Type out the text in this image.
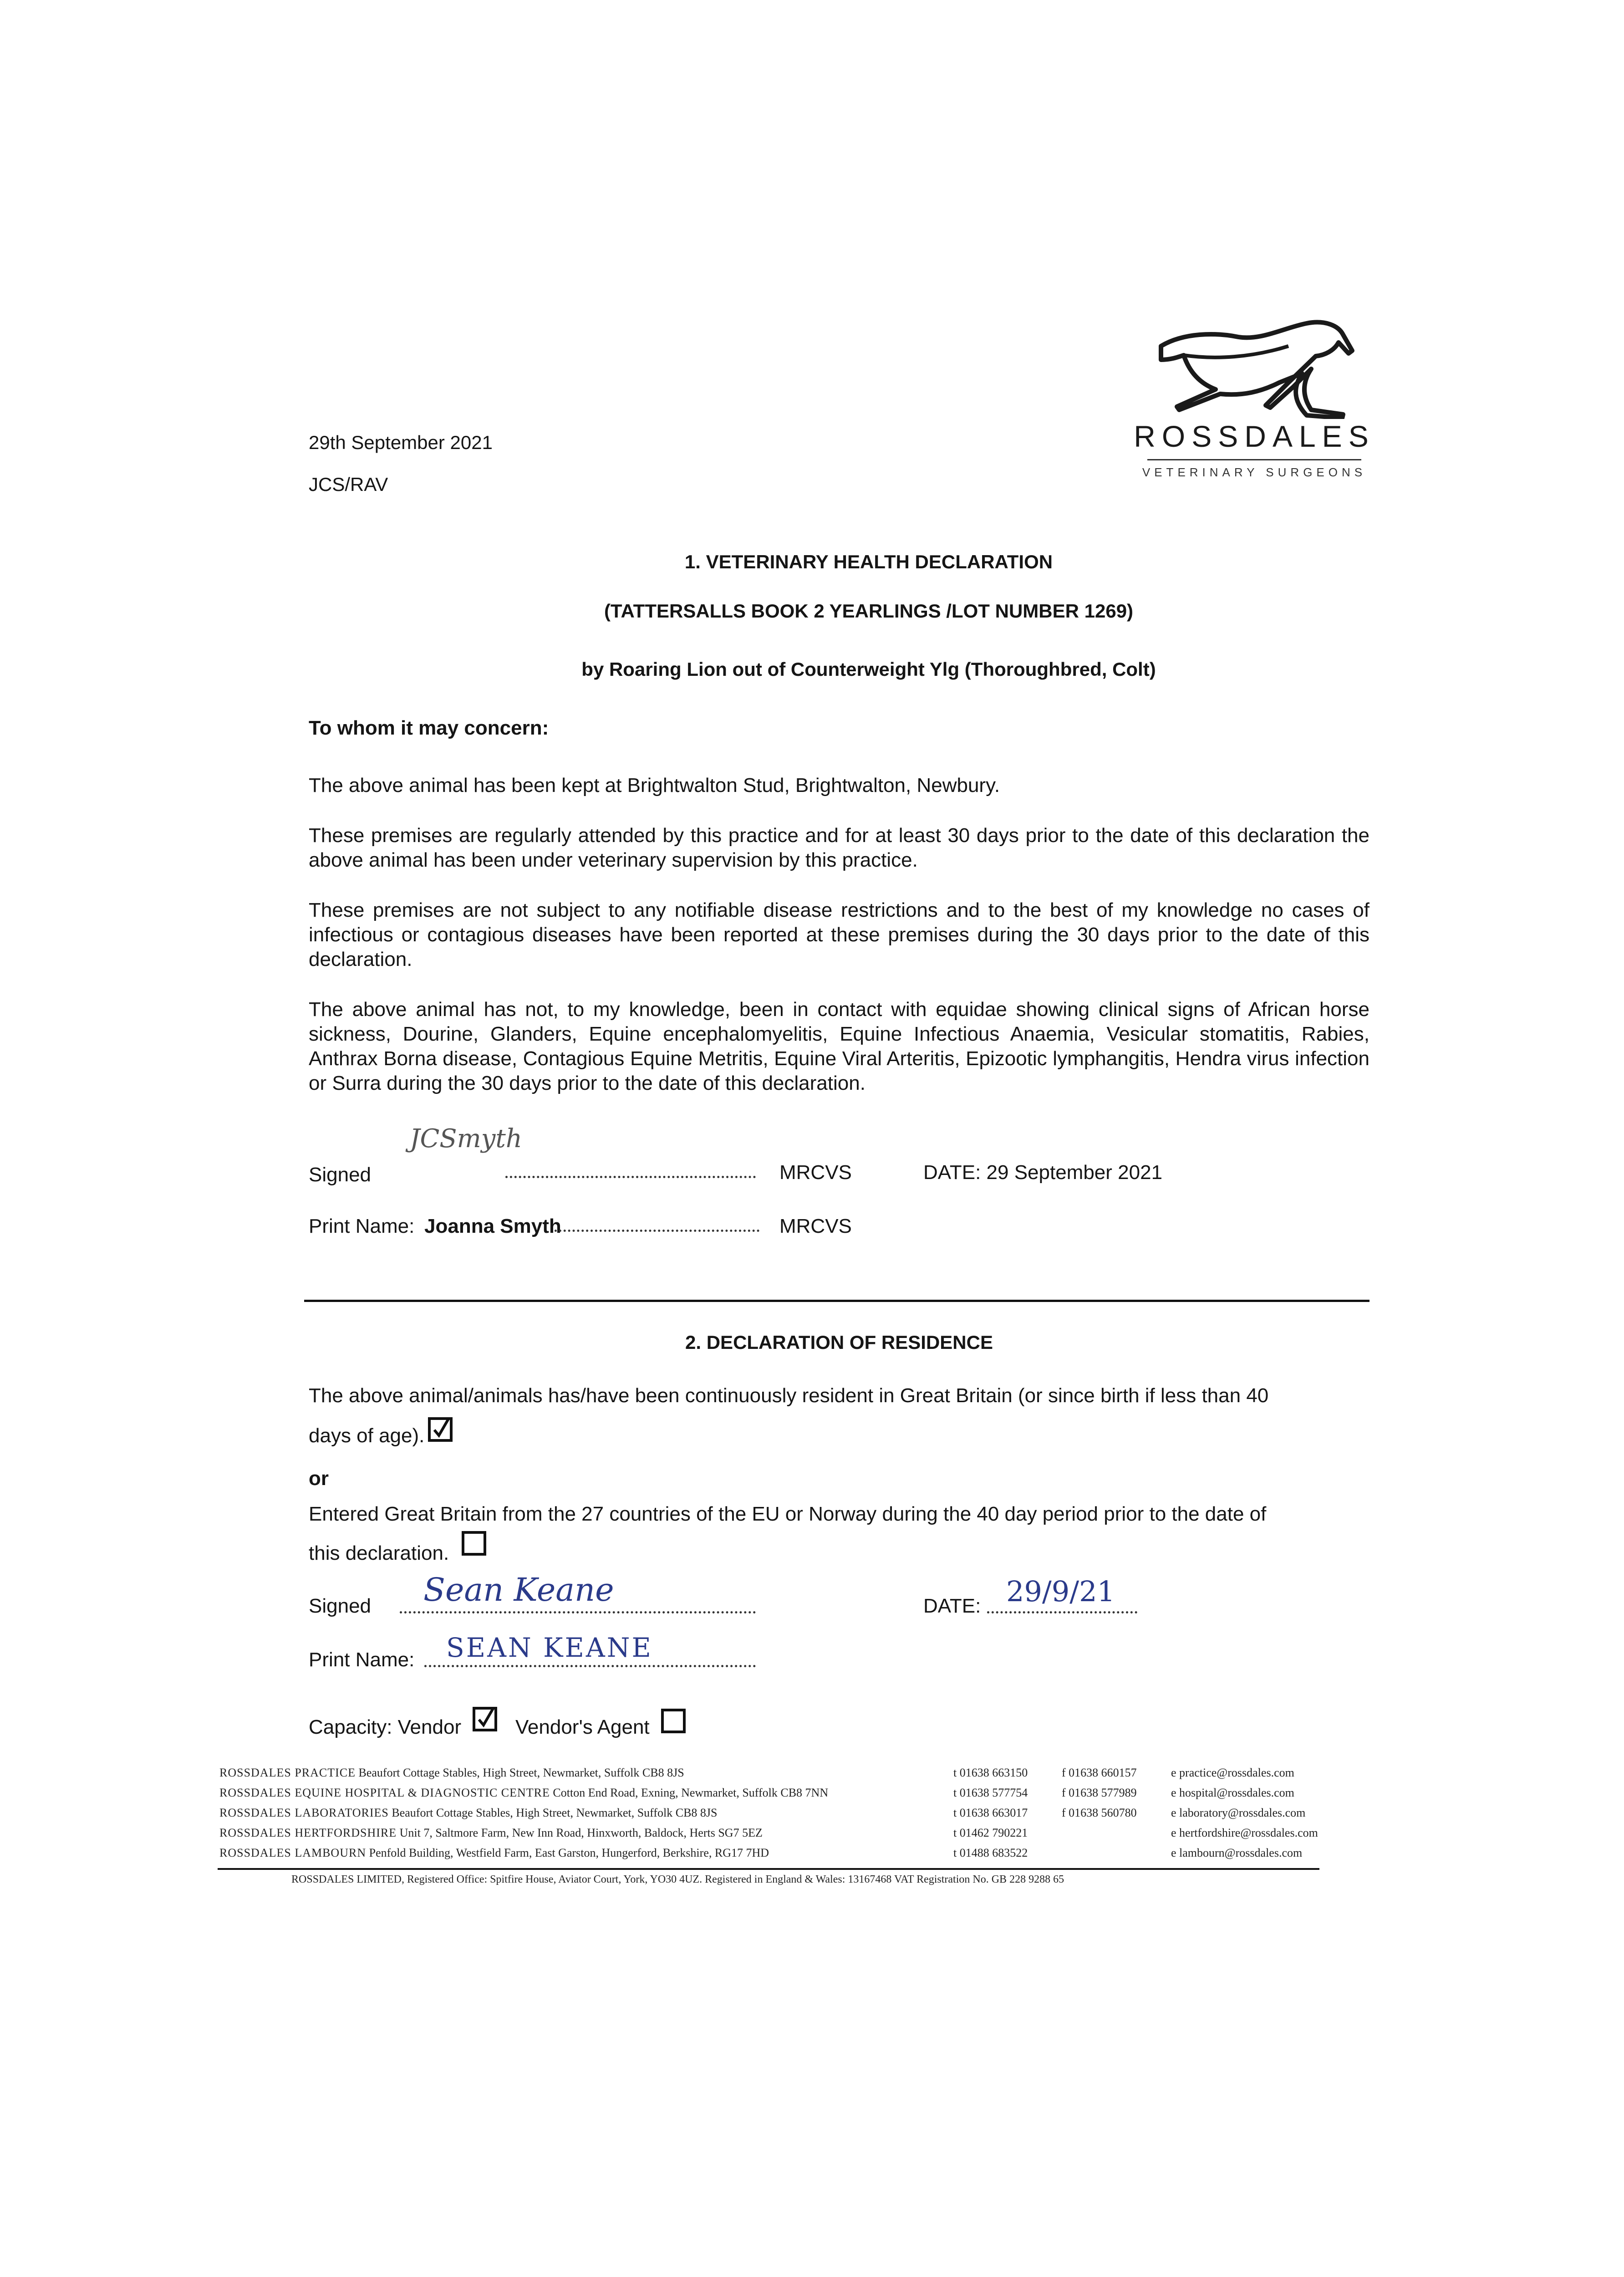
ROSSDALES
VETERINARY SURGEONS
29th September 2021
JCS/RAV
1. VETERINARY HEALTH DECLARATION
(TATTERSALLS BOOK 2 YEARLINGS /LOT NUMBER 1269)
by Roaring Lion out of Counterweight Ylg (Thoroughbred, Colt)
To whom it may concern:
The above animal has been kept at Brightwalton Stud, Brightwalton, Newbury.
These premises are regularly attended by this practice and for at least 30 days prior to the date of this declaration the above animal has been under veterinary supervision by this practice.
These premises are not subject to any notifiable disease restrictions and to the best of my knowledge no cases of infectious or contagious diseases have been reported at these premises during the 30 days prior to the date of this declaration.
The above animal has not, to my knowledge, been in contact with equidae showing clinical signs of African horse sickness, Dourine, Glanders, Equine encephalomyelitis, Equine Infectious Anaemia, Vesicular stomatitis, Rabies, Anthrax Borna disease, Contagious Equine Metritis, Equine Viral Arteritis, Epizootic lymphangitis, Hendra virus infection or Surra during the 30 days prior to the date of this declaration.
Signed
JCSmyth
MRCVS	DATE: 29 September 2021
Print Name: Joanna Smyth	MRCVS
2. DECLARATION OF RESIDENCE
The above animal/animals has/have been continuously resident in Great Britain (or since birth if less than 40
days of age).
or
Entered Great Britain from the 27 countries of the EU or Norway during the 40 day period prior to the date of
this declaration.
Signed Sean Keane	DATE: 29/9/21
Print Name: SEAN KEANE
Capacity: Vendor	Vendor's Agent
ROSSDALES PRACTICE Beaufort Cottage Stables, High Street, Newmarket, Suffolk CB8 8JS	t 01638 663150	f 01638 660157	e practice@rossdales.com
ROSSDALES EQUINE HOSPITAL & DIAGNOSTIC CENTRE Cotton End Road, Exning, Newmarket, Suffolk CB8 7NN	t 01638 577754	f 01638 577989	e hospital@rossdales.com
ROSSDALES LABORATORIES Beaufort Cottage Stables, High Street, Newmarket, Suffolk CB8 8JS	t 01638 663017	f 01638 560780	e laboratory@rossdales.com
ROSSDALES HERTFORDSHIRE Unit 7, Saltmore Farm, New Inn Road, Hinxworth, Baldock, Herts SG7 5EZ	t 01462 790221	e hertfordshire@rossdales.com
ROSSDALES LAMBOURN Penfold Building, Westfield Farm, East Garston, Hungerford, Berkshire, RG17 7HD	t 01488 683522	e lambourn@rossdales.com
ROSSDALES LIMITED, Registered Office: Spitfire House, Aviator Court, York, YO30 4UZ. Registered in England & Wales: 13167468 VAT Registration No. GB 228 9288 65
